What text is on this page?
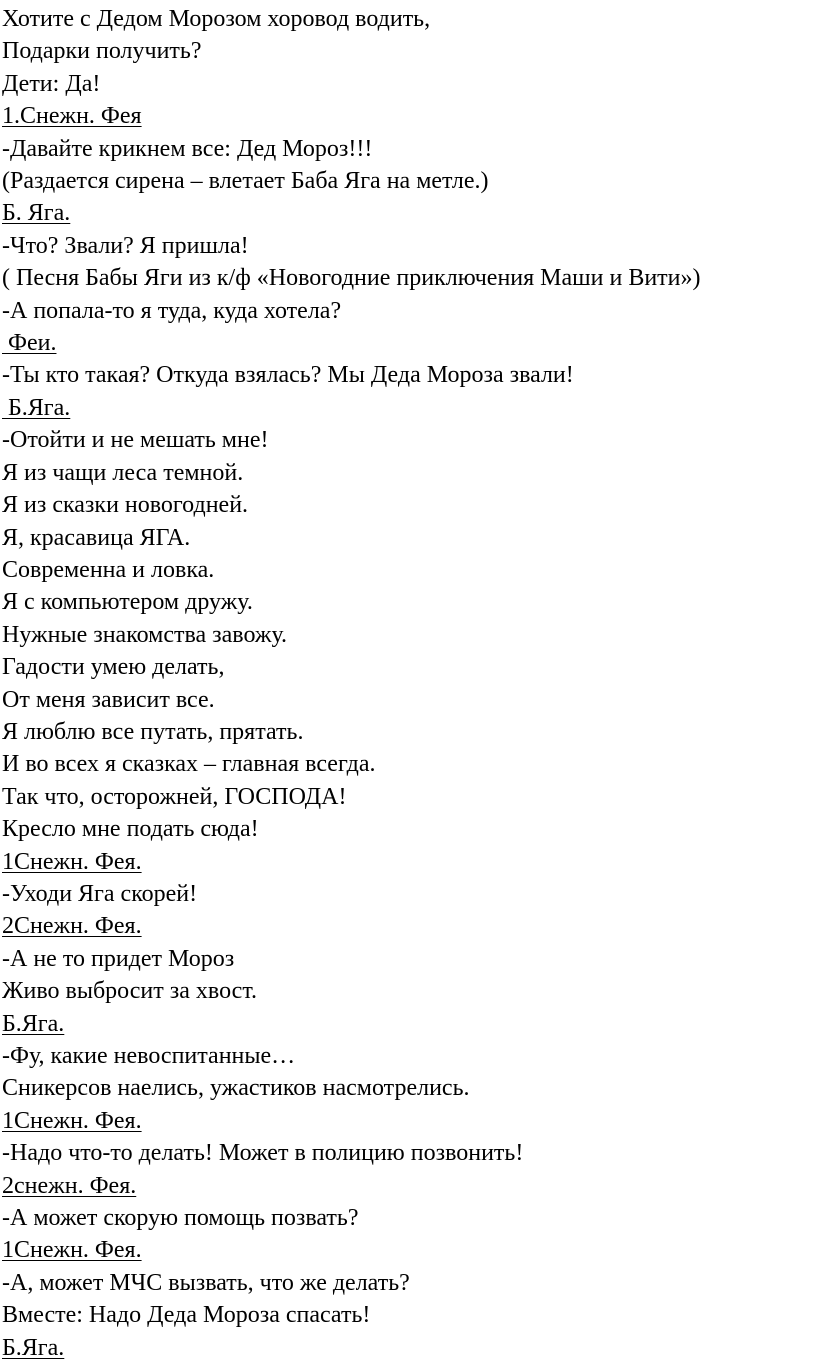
Хотите с Дедом Морозом хоровод водить,

Подарки получить?

Дети: Да!

1.Снежн. Фея

-Давайте крикнем все: Дед Мороз!!!

(Раздается сирена – влетает Баба Яга на метле.)

Б. Яга.

-Что? Звали? Я пришла!

( Песня Бабы Яги из к/ф «Новогодние приключения Маши и Вити»)

-А попала-то я туда, куда хотела?

Феи.

-Ты кто такая? Откуда взялась? Мы Деда Мороза звали!

Б.Яга.

-Отойти и не мешать мне!

Я из чащи леса темной.

Я из сказки новогодней.

Я, красавица ЯГА.

Современна и ловка.

Я с компьютером дружу.

Нужные знакомства завожу.

Гадости умею делать,

От меня зависит все.

Я люблю все путать, прятать.

И во всех я сказках – главная всегда.

Так что, осторожней, ГОСПОДА!

Кресло мне подать сюда!

1Снежн. Фея.

-Уходи Яга скорей!

2Снежн. Фея.

-А не то придет Мороз

Живо выбросит за хвост.

Б.Яга.

-Фу, какие невоспитанные…

Сникерсов наелись, ужастиков насмотрелись.

1Снежн. Фея.

-Надо что-то делать! Может в полицию позвонить!

2снежн. Фея.

-А может скорую помощь позвать?

1Снежн. Фея.

-А, может МЧС вызвать, что же делать?

Вместе: Надо Деда Мороза спасать!

Б.Яга.
